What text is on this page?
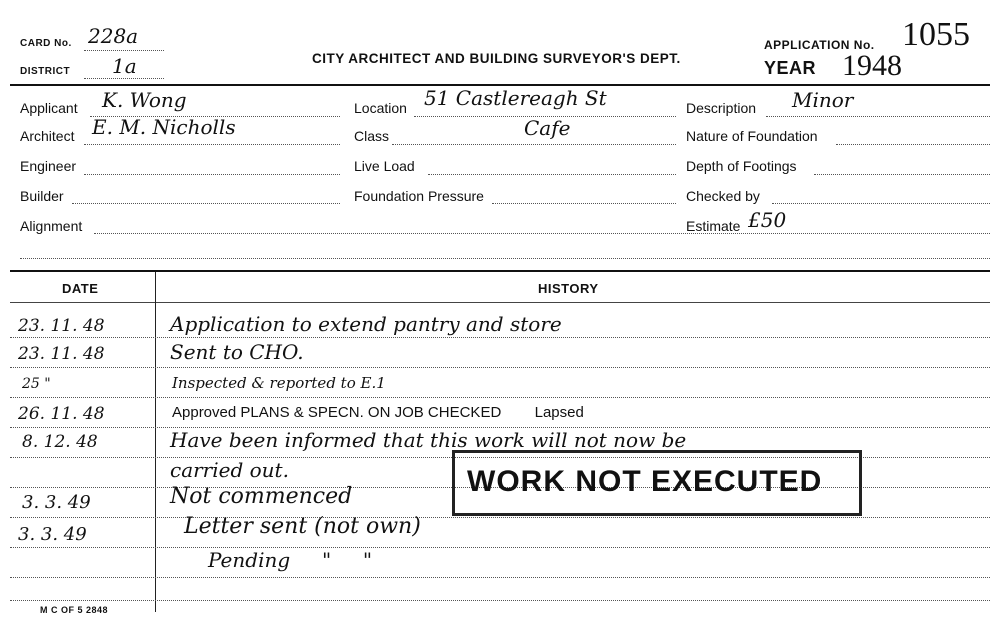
CARD No. 228a
DISTRICT 1a	CITY ARCHITECT AND BUILDING SURVEYOR'S DEPT.
APPLICATION No. 1055
YEAR 1948
Applicant K. Wong
Architect E. M. Nicholls
Engineer
Builder
Alignment
Location 51 Castlereagh St
Class	Cafe
Live Load
Foundation Pressure
Description Minor
Nature of Foundation
Depth of Footings
Checked by
Estimate £50
DATE	HISTORY
23. 11. 48	Application to extend pantry and store
23. 11. 48	Sent to CHO.
25 "	Inspected & reported to E.1
26. 11. 48	Approved PLANS & SPECN. ON JOB CHECKED        Lapsed
8. 12. 48	Have been informed that this work will not now be
carried out.
3. 3. 49	Not commenced
3. 3. 49	Letter sent (not own)
Pending     "     "
WORK NOT EXECUTED
M C OF 5 2848
